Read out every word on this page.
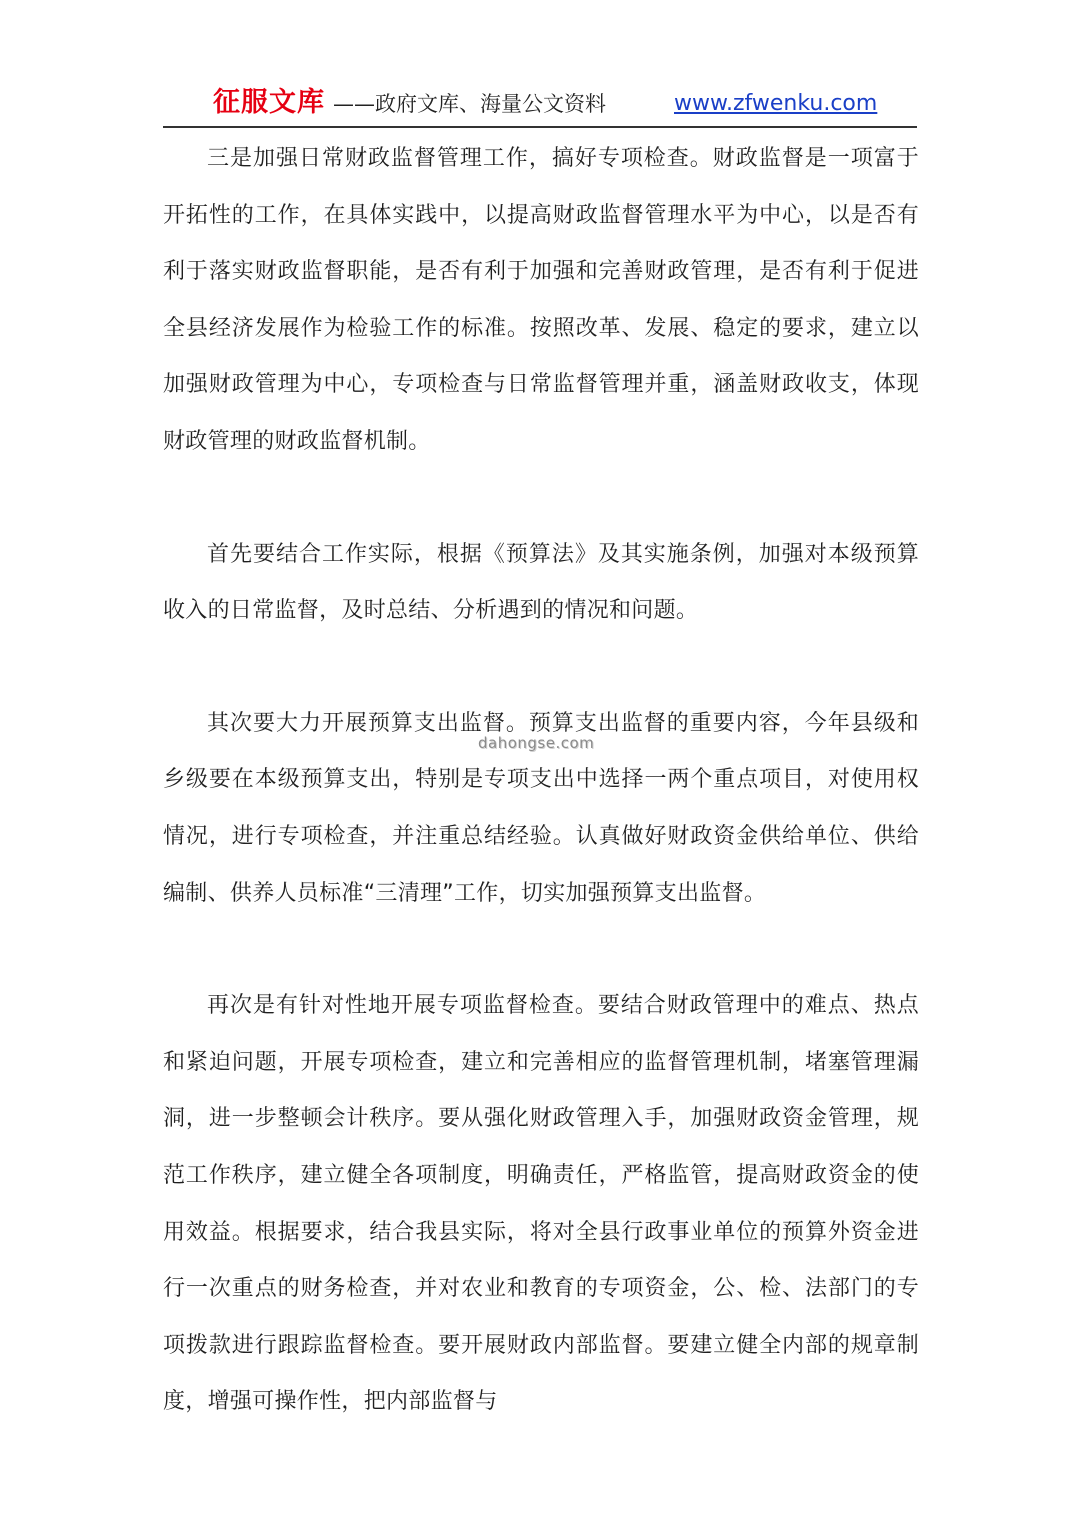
征服文库 ——政府文库、海量公文资料	www.zfwenku.com

三是加强日常财政监督管理工作，搞好专项检查。财政监督是一项富于开拓性的工作，在具体实践中，以提高财政监督管理水平为中心，以是否有利于落实财政监督职能，是否有利于加强和完善财政管理，是否有利于促进全县经济发展作为检验工作的标准。按照改革、发展、稳定的要求，建立以加强财政管理为中心，专项检查与日常监督管理并重，涵盖财政收支，体现财政管理的财政监督机制。

首先要结合工作实际，根据《预算法》及其实施条例，加强对本级预算收入的日常监督，及时总结、分析遇到的情况和问题。

其次要大力开展预算支出监督。预算支出监督的重要内容，今年县级和乡级要在本级预算支出，特别是专项支出中选择一两个重点项目，对使用权情况，进行专项检查，并注重总结经验。认真做好财政资金供给单位、供给编制、供养人员标准“三清理”工作，切实加强预算支出监督。

再次是有针对性地开展专项监督检查。要结合财政管理中的难点、热点和紧迫问题，开展专项检查，建立和完善相应的监督管理机制，堵塞管理漏洞，进一步整顿会计秩序。要从强化财政管理入手，加强财政资金管理，规范工作秩序，建立健全各项制度，明确责任，严格监管，提高财政资金的使用效益。根据要求，结合我县实际，将对全县行政事业单位的预算外资金进行一次重点的财务检查，并对农业和教育的专项资金，公、检、法部门的专项拨款进行跟踪监督检查。要开展财政内部监督。要建立健全内部的规章制度，增强可操作性，把内部监督与

dahongse.com
